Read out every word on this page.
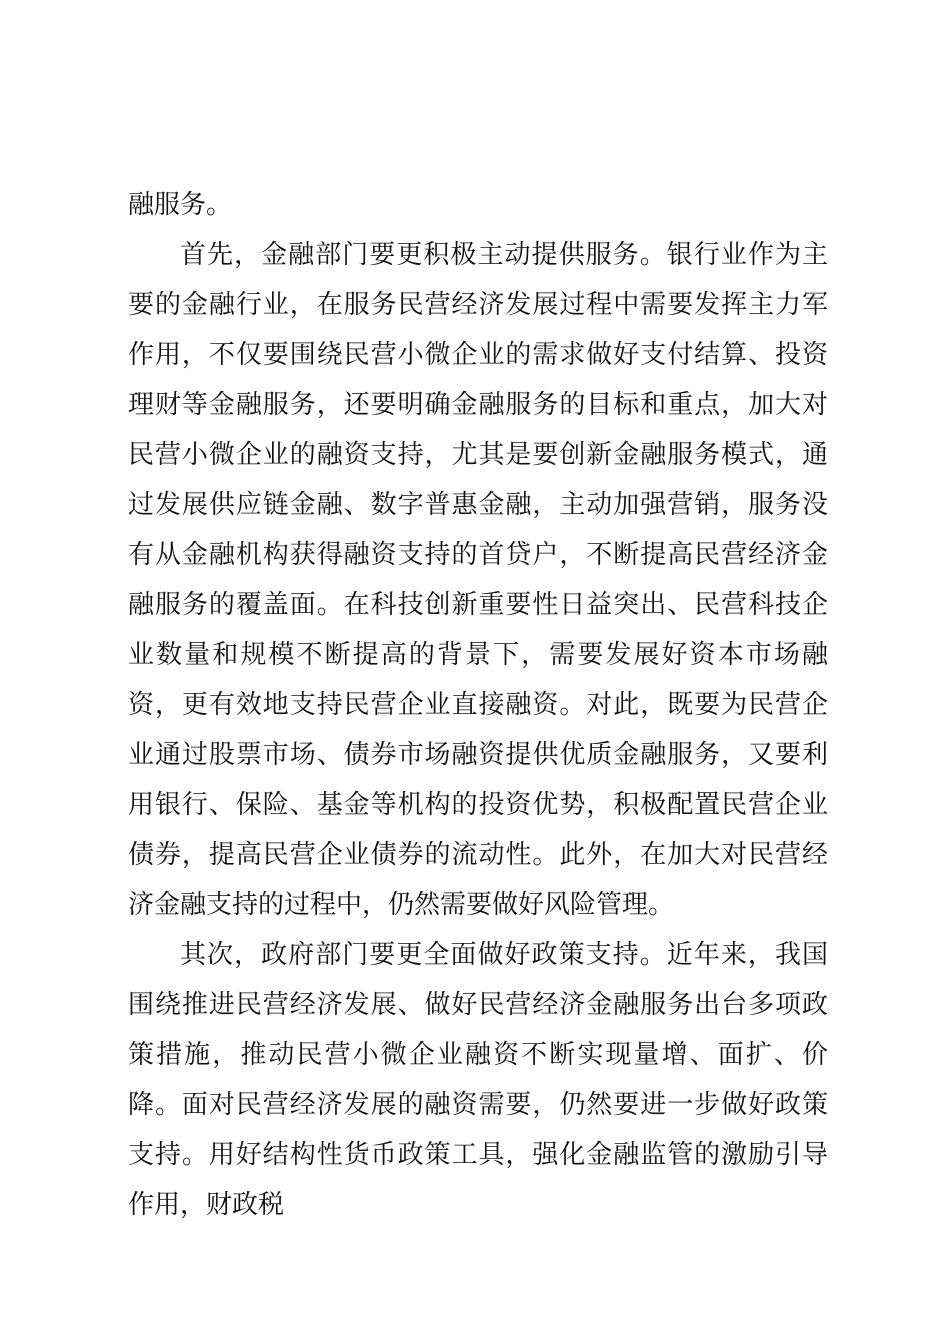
融服务。

首先，金融部门要更积极主动提供服务。银行业作为主要的金融行业，在服务民营经济发展过程中需要发挥主力军作用，不仅要围绕民营小微企业的需求做好支付结算、投资理财等金融服务，还要明确金融服务的目标和重点，加大对民营小微企业的融资支持，尤其是要创新金融服务模式，通过发展供应链金融、数字普惠金融，主动加强营销，服务没有从金融机构获得融资支持的首贷户，不断提高民营经济金融服务的覆盖面。在科技创新重要性日益突出、民营科技企业数量和规模不断提高的背景下，需要发展好资本市场融资，更有效地支持民营企业直接融资。对此，既要为民营企业通过股票市场、债券市场融资提供优质金融服务，又要利用银行、保险、基金等机构的投资优势，积极配置民营企业债券，提高民营企业债券的流动性。此外，在加大对民营经济金融支持的过程中，仍然需要做好风险管理。

其次，政府部门要更全面做好政策支持。近年来，我国围绕推进民营经济发展、做好民营经济金融服务出台多项政策措施，推动民营小微企业融资不断实现量增、面扩、价降。面对民营经济发展的融资需要，仍然要进一步做好政策支持。用好结构性货币政策工具，强化金融监管的激励引导作用，财政税
